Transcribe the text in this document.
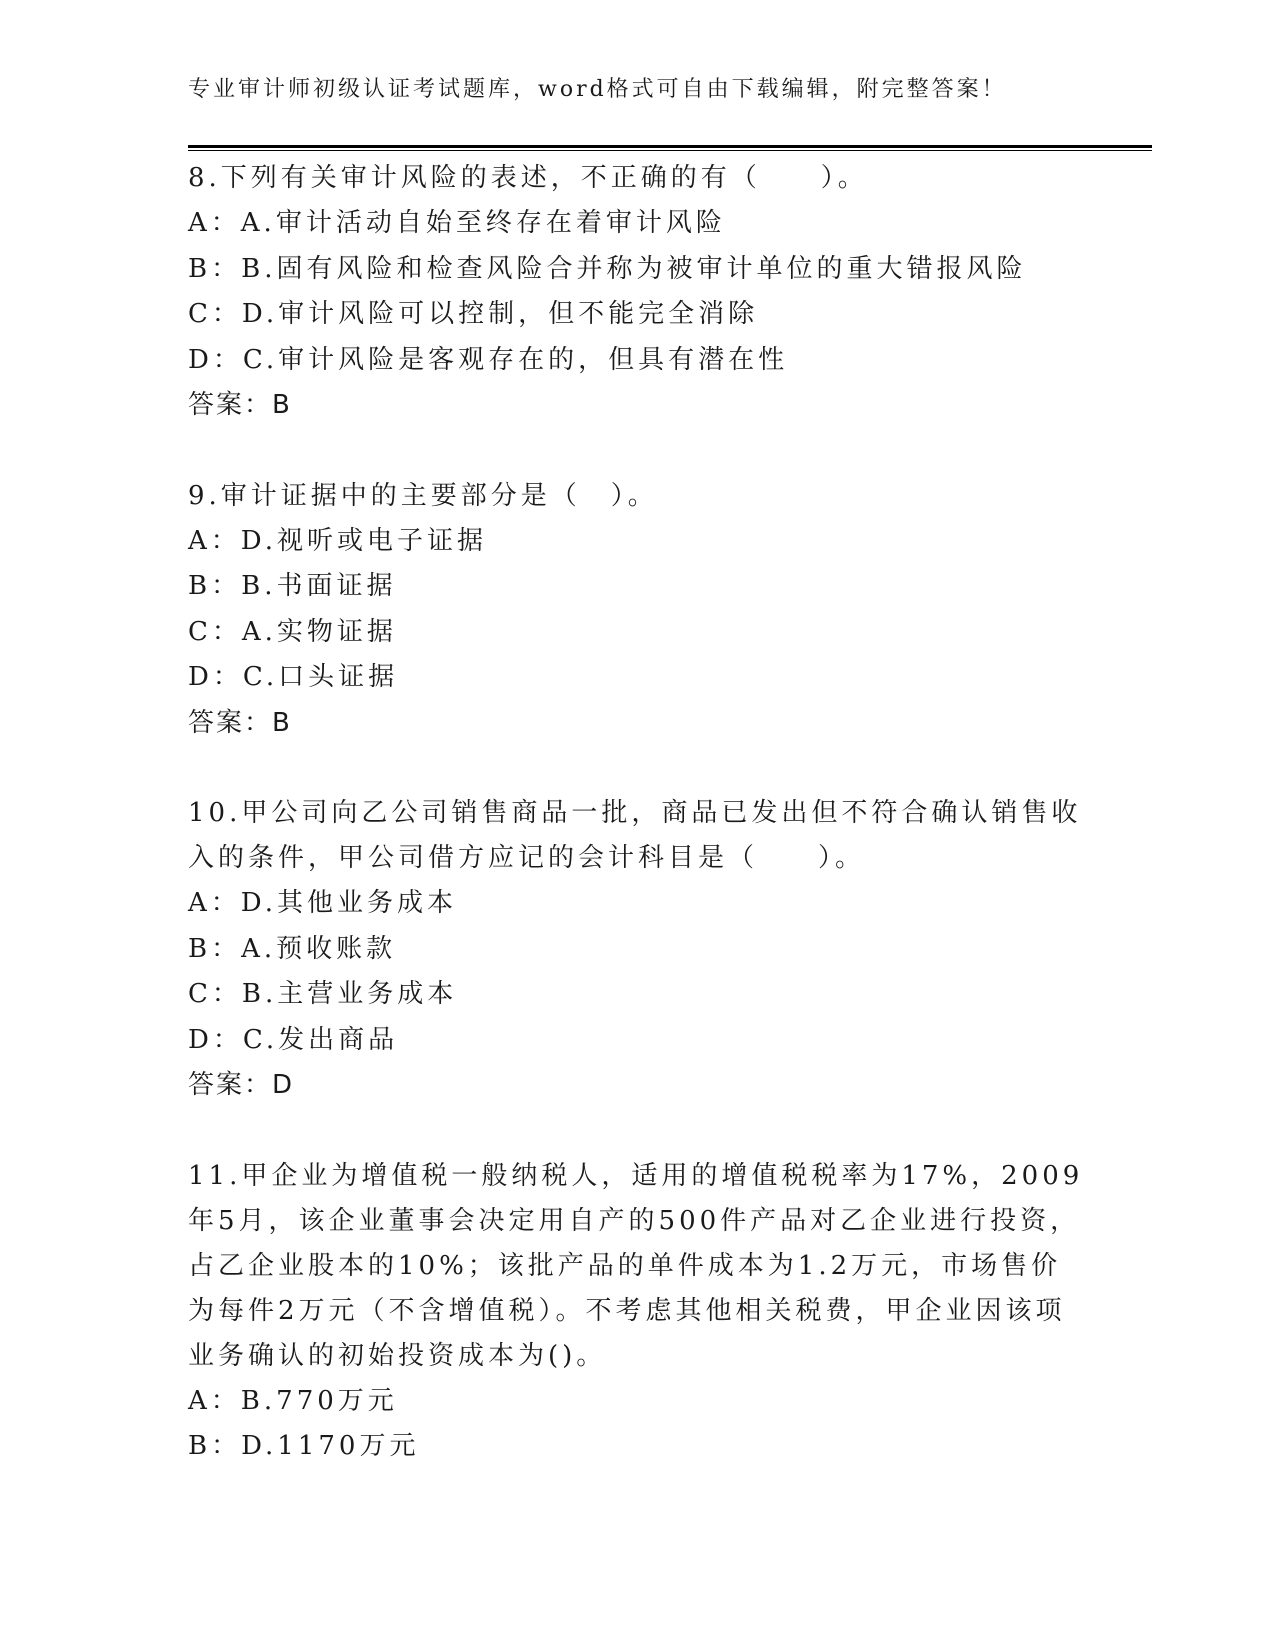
专业审计师初级认证考试题库，word格式可自由下载编辑，附完整答案！
8.下列有关审计风险的表述，不正确的有（　　）。
A：A.审计活动自始至终存在着审计风险
B：B.固有风险和检查风险合并称为被审计单位的重大错报风险
C：D.审计风险可以控制，但不能完全消除
D：C.审计风险是客观存在的，但具有潜在性
答案：B
9.审计证据中的主要部分是（　）。
A：D.视听或电子证据
B：B.书面证据
C：A.实物证据
D：C.口头证据
答案：B
10.甲公司向乙公司销售商品一批，商品已发出但不符合确认销售收入的条件，甲公司借方应记的会计科目是（　　）。
A：D.其他业务成本
B：A.预收账款
C：B.主营业务成本
D：C.发出商品
答案：D
11.甲企业为增值税一般纳税人，适用的增值税税率为17%，2009年5月，该企业董事会决定用自产的500件产品对乙企业进行投资，占乙企业股本的10%；该批产品的单件成本为1.2万元，市场售价为每件2万元（不含增值税）。不考虑其他相关税费，甲企业因该项业务确认的初始投资成本为()。
A：B.770万元
B：D.1170万元
